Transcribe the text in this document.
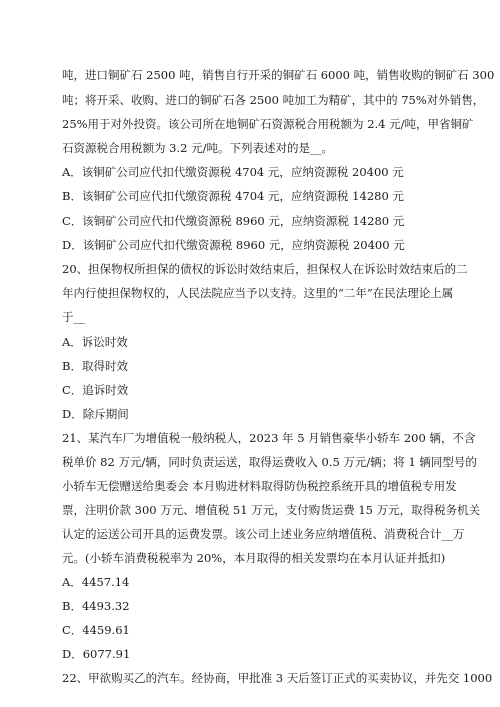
吨，进口铜矿石 2500 吨，销售自行开采的铜矿石 6000 吨，销售收购的铜矿石 300
吨；将开采、收购、进口的铜矿石各 2500 吨加工为精矿，其中的 75%对外销售，
25%用于对外投资。该公司所在地铜矿石资源税合用税额为 2.4 元/吨，甲省铜矿
石资源税合用税额为 3.2 元/吨。下列表述对的是__。
A．该铜矿公司应代扣代缴资源税 4704 元，应纳资源税 20400 元
B．该铜矿公司应代扣代缴资源税 4704 元，应纳资源税 14280 元
C．该铜矿公司应代扣代缴资源税 8960 元，应纳资源税 14280 元
D．该铜矿公司应代扣代缴资源税 8960 元，应纳资源税 20400 元
20、担保物权所担保的债权的诉讼时效结束后，担保权人在诉讼时效结束后的二
年内行使担保物权的，人民法院应当予以支持。这里的“二年”在民法理论上属
于__
A．诉讼时效
B．取得时效
C．追诉时效
D．除斥期间
21、某汽车厂为增值税一般纳税人，2023 年 5 月销售豪华小轿车 200 辆，不含
税单价 82 万元/辆，同时负责运送，取得运费收入 0.5 万元/辆；将 1 辆同型号的
小轿车无偿赠送给奥委会 本月购进材料取得防伪税控系统开具的增值税专用发
票，注明价款 300 万元、增值税 51 万元，支付购货运费 15 万元，取得税务机关
认定的运送公司开具的运费发票。该公司上述业务应纳增值税、消费税合计__万
元。(小轿车消费税税率为 20%，本月取得的相关发票均在本月认证并抵扣)
A．4457.14
B．4493.32
C．4459.61
D．6077.91
22、甲欲购买乙的汽车。经协商，甲批准 3 天后签订正式的买卖协议，并先交 1000
